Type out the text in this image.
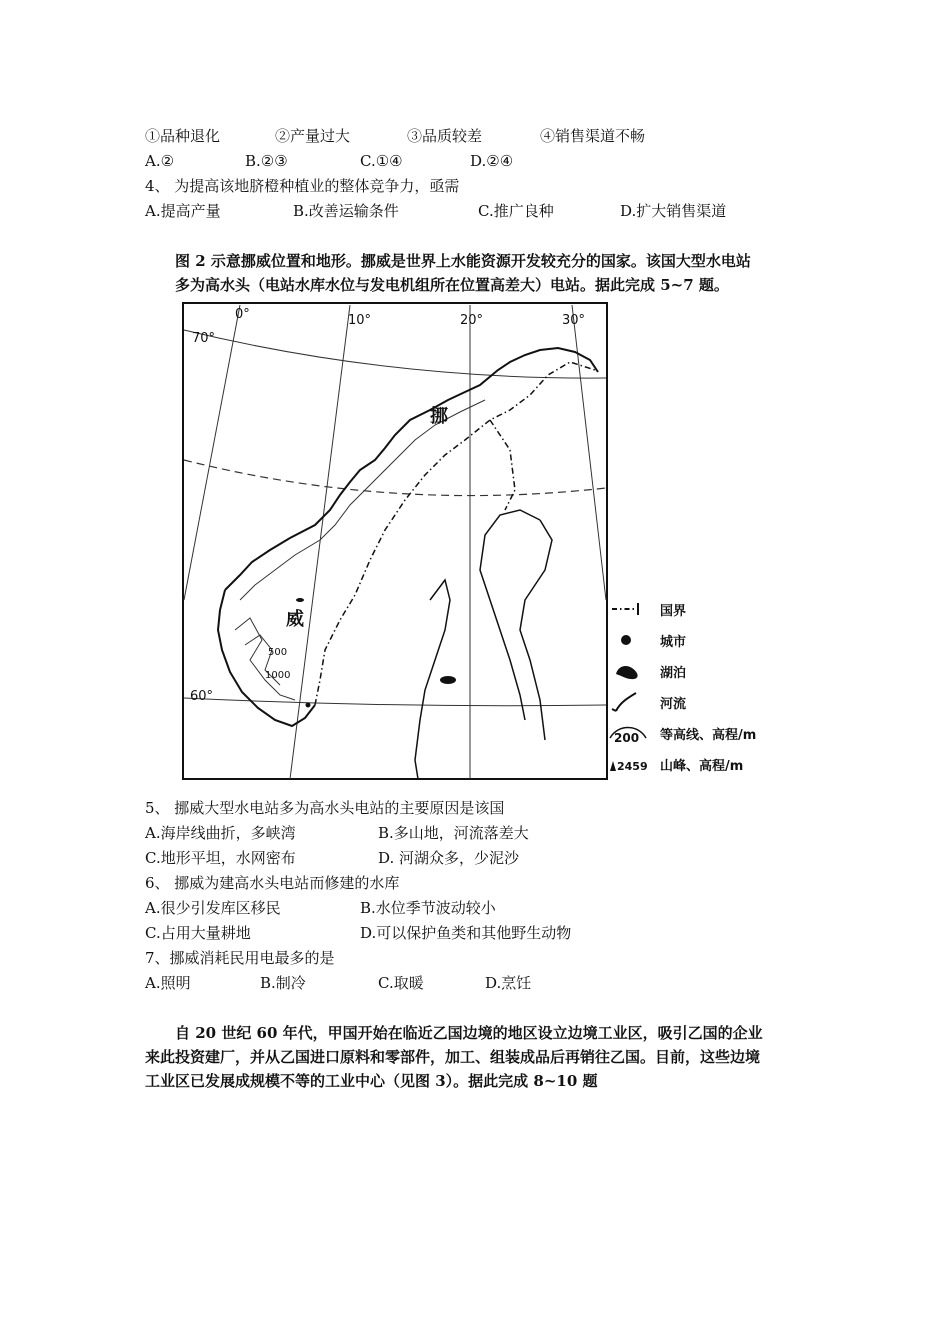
①品种退化	②产量过大	③品质较差	④销售渠道不畅
A.②	B.②③	C.①④	D.②④
4、 为提高该地脐橙种植业的整体竞争力，亟需
A.提高产量	B.改善运输条件	C.推广良种	D.扩大销售渠道
图 2 示意挪威位置和地形。挪威是世界上水能资源开发较充分的国家。该国大型水电站
多为高水头（电站水库水位与发电机组所在位置高差大）电站。据此完成 5~7 题。
0°	10°	20°	30°
70°
60°
500
1000
挪
威	国界
城市
湖泊
河流
200 等高线、高程/m
2459 山峰、高程/m
5、 挪威大型水电站多为高水头电站的主要原因是该国
A.海岸线曲折，多峡湾	B.多山地，河流落差大
C.地形平坦，水网密布	D. 河湖众多，少泥沙
6、 挪威为建高水头电站而修建的水库
A.很少引发库区移民	B.水位季节波动较小
C.占用大量耕地	D.可以保护鱼类和其他野生动物
7、挪威消耗民用电最多的是
A.照明	B.制冷	C.取暖	D.烹饪
自 20 世纪 60 年代，甲国开始在临近乙国边境的地区设立边境工业区，吸引乙国的企业
来此投资建厂，并从乙国进口原料和零部件，加工、组装成品后再销往乙国。目前，这些边境
工业区已发展成规模不等的工业中心（见图 3）。据此完成 8~10 题
